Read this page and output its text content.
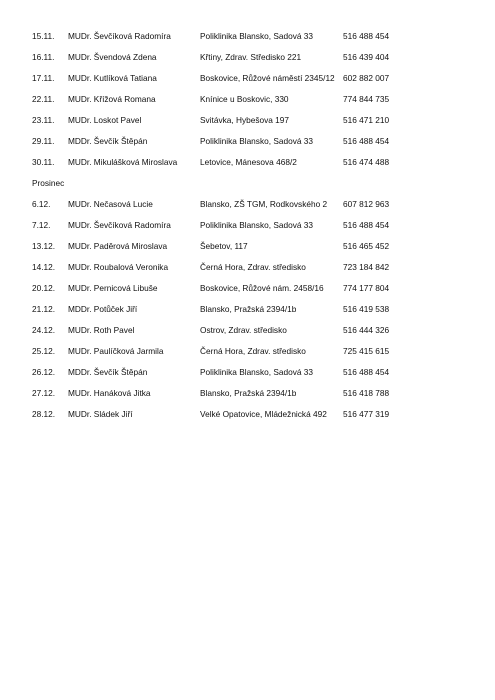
15.11. MUDr. Ševčíková Radomíra	Poliklinika Blansko, Sadová 33	516 488 454
16.11. MUDr. Švendová Zdena	Křtiny, Zdrav. Středisko 221	516 439 404
17.11. MUDr. Kutlíková Tatiana	Boskovice, Růžové náměstí 2345/12 602 882 007
22.11. MUDr. Křížová Romana	Knínice u Boskovic, 330	774 844 735
23.11. MUDr. Loskot Pavel	Svitávka, Hybešova 197	516 471 210
29.11. MDDr. Ševčík Štěpán	Poliklinika Blansko, Sadová 33	516 488 454
30.11. MUDr. Mikulášková Miroslava	Letovice, Mánesova 468/2	516 474 488
Prosinec
6.12. MUDr. Nečasová Lucie	Blansko, ZŠ TGM, Rodkovského 2 607 812 963
7.12. MUDr. Ševčíková Radomíra	Poliklinika Blansko, Sadová 33	516 488 454
13.12. MUDr. Paděrová Miroslava	Šebetov, 117	516 465 452
14.12. MUDr. Roubalová Veronika	Černá Hora, Zdrav. středisko	723 184 842
20.12. MUDr. Pernicová Libuše	Boskovice, Růžové nám. 2458/16 774 177 804
21.12. MDDr. Potůček Jiří	Blansko, Pražská 2394/1b	516 419 538
24.12. MUDr. Roth Pavel	Ostrov, Zdrav. středisko	516 444 326
25.12. MUDr. Paulíčková Jarmila	Černá Hora, Zdrav. středisko	725 415 615
26.12. MDDr. Ševčík Štěpán	Poliklinika Blansko, Sadová 33	516 488 454
27.12. MUDr. Hanáková Jitka	Blansko, Pražská 2394/1b	516 418 788
28.12. MUDr. Sládek Jiří	Velké Opatovice, Mládežnická 492 516 477 319
